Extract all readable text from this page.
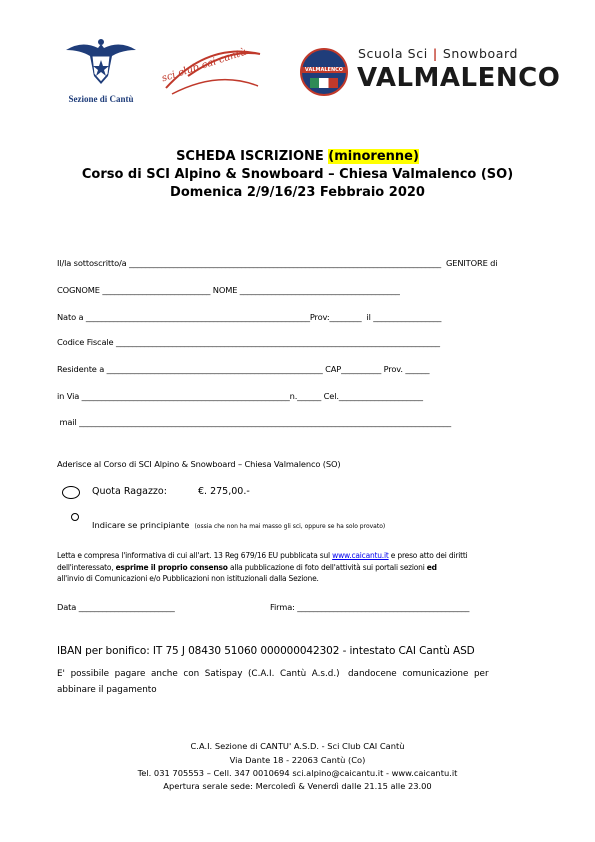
Sezione di Cantù
sci club cai cantù	VALMALENCO
Scuola Sci | Snowboard
VALMALENCO
SCHEDA ISCRIZIONE (minorenne)
Corso di SCI Alpino & Snowboard – Chiesa Valmalenco (SO)
Domenica 2/9/16/23 Febbraio 2020
Il/la sottoscritto/a ______________________________________________________________________________  GENITORE di
COGNOME ___________________________ NOME ________________________________________
Nato a ________________________________________________________Prov:________  il _________________
Codice Fiscale _________________________________________________________________________________
Residente a ______________________________________________________ CAP__________ Prov. ______
in Via ____________________________________________________n.______ Cel._____________________
mail _____________________________________________________________________________________________
Aderisce al Corso di SCI Alpino & Snowboard – Chiesa Valmalenco (SO)
Quota Ragazzo:	€. 275,00.-
Indicare se principiante (ossia che non ha mai masso gli sci, oppure se ha solo provato)
Letta e compresa l'informativa di cui all'art. 13 Reg 679/16 EU pubblicata sul www.caicantu.it e preso atto dei diritti
dell'interessato, esprime il proprio consenso alla pubblicazione di foto dell'attività sui portali sezioni ed
all'invio di Comunicazioni e/o Pubblicazioni non istituzionali dalla Sezione.
Data ________________________	Firma: ___________________________________________
IBAN per bonifico: IT 75 J 08430 51060 000000042302 - intestato CAI Cantù ASD
E'  possibile  pagare  anche  con  Satispay  (C.A.I.  Cantù  A.s.d.)   dandocene  comunicazione  per
abbinare il pagamento
C.A.I. Sezione di CANTU' A.S.D. - Sci Club CAI Cantù
Via Dante 18 - 22063 Cantù (Co)
Tel. 031 705553 – Cell. 347 0010694 sci.alpino@caicantu.it - www.caicantu.it
Apertura serale sede: Mercoledì & Venerdì dalle 21.15 alle 23.00
